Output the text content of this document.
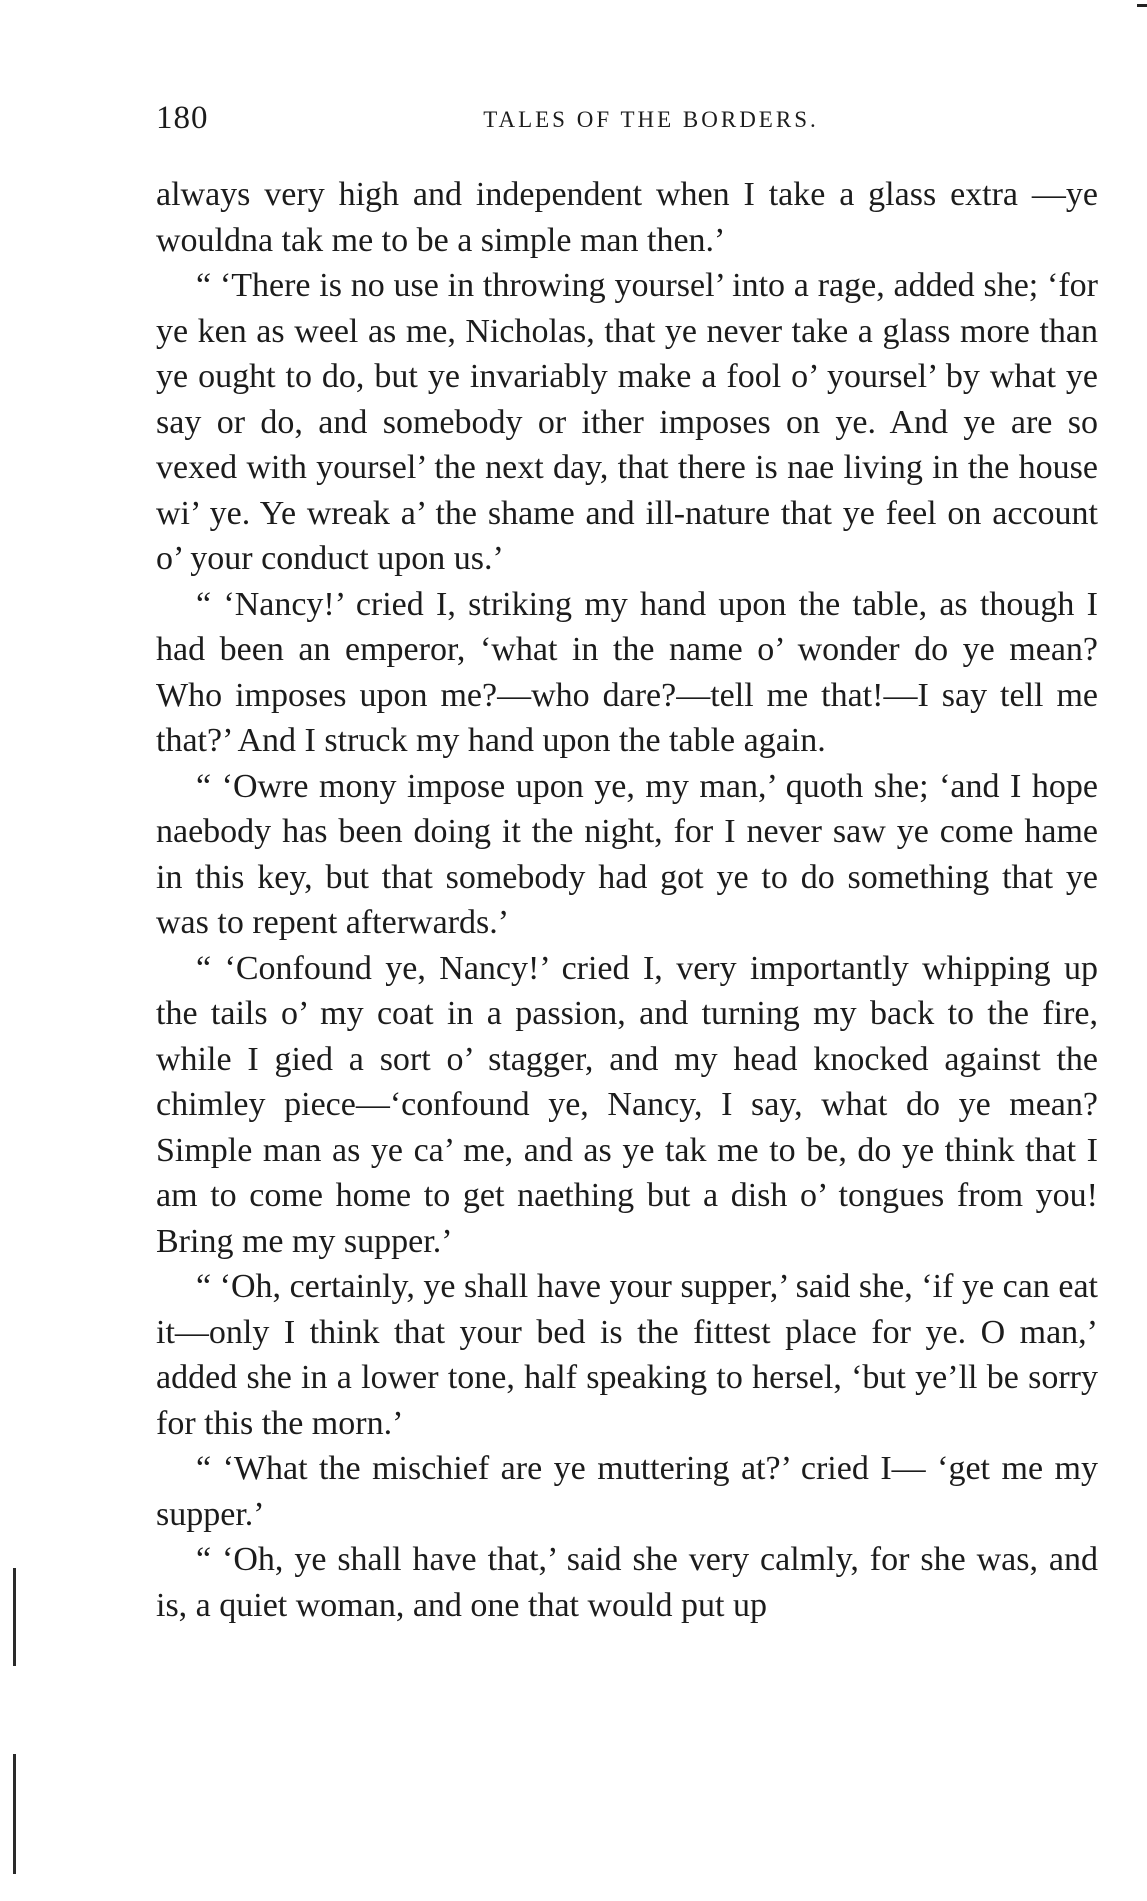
180	TALES OF THE BORDERS.

always very high and independent when I take a glass extra —ye wouldna tak me to be a simple man then.’

“ ‘There is no use in throwing yoursel’ into a rage, added she; ‘for ye ken as weel as me, Nicholas, that ye never take a glass more than ye ought to do, but ye invariably make a fool o’ yoursel’ by what ye say or do, and somebody or ither imposes on ye. And ye are so vexed with yoursel’ the next day, that there is nae living in the house wi’ ye. Ye wreak a’ the shame and ill-nature that ye feel on account o’ your conduct upon us.’

“ ‘Nancy!’ cried I, striking my hand upon the table, as though I had been an emperor, ‘what in the name o’ wonder do ye mean? Who imposes upon me?—who dare?—tell me that!—I say tell me that?’ And I struck my hand upon the table again.

“ ‘Owre mony impose upon ye, my man,’ quoth she; ‘and I hope naebody has been doing it the night, for I never saw ye come hame in this key, but that somebody had got ye to do something that ye was to repent afterwards.’

“ ‘Confound ye, Nancy!’ cried I, very importantly whipping up the tails o’ my coat in a passion, and turning my back to the fire, while I gied a sort o’ stagger, and my head knocked against the chimley piece—‘confound ye, Nancy, I say, what do ye mean? Simple man as ye ca’ me, and as ye tak me to be, do ye think that I am to come home to get naething but a dish o’ tongues from you! Bring me my supper.’

“ ‘Oh, certainly, ye shall have your supper,’ said she, ‘if ye can eat it—only I think that your bed is the fittest place for ye. O man,’ added she in a lower tone, half speaking to hersel, ‘but ye’ll be sorry for this the morn.’

“ ‘What the mischief are ye muttering at?’ cried I— ‘get me my supper.’

“ ‘Oh, ye shall have that,’ said she very calmly, for she was, and is, a quiet woman, and one that would put up
